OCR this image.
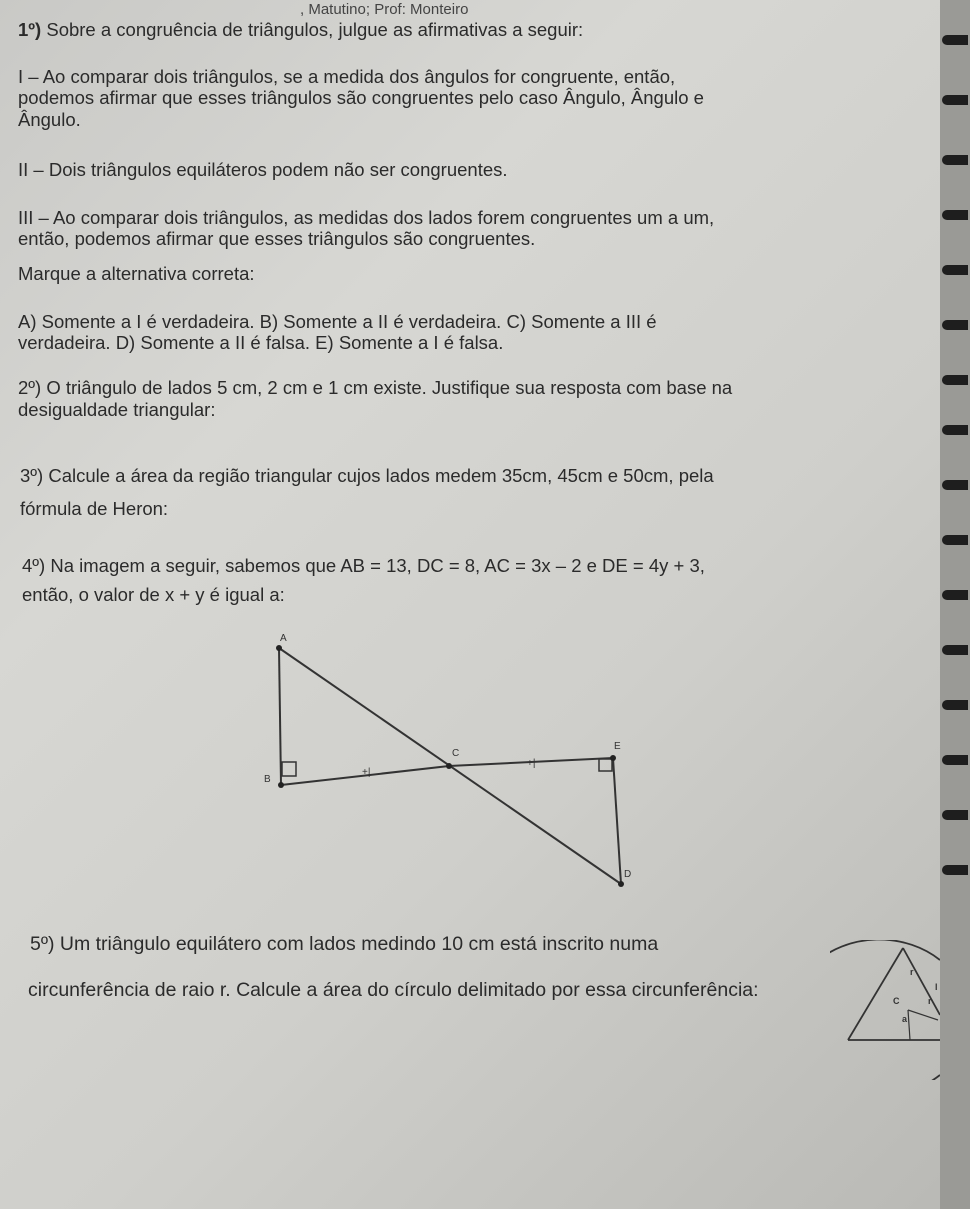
, Matutino; Prof: Monteiro
1º) Sobre a congruência de triângulos, julgue as afirmativas a seguir:
I – Ao comparar dois triângulos, se a medida dos ângulos for congruente, então,
podemos afirmar que esses triângulos são congruentes pelo caso Ângulo, Ângulo e
Ângulo.
II – Dois triângulos equiláteros podem não ser congruentes.
III – Ao comparar dois triângulos, as medidas dos lados forem congruentes um a um,
então, podemos afirmar que esses triângulos são congruentes.
Marque a alternativa correta:
A) Somente a I é verdadeira. B) Somente a II é verdadeira. C) Somente a III é
verdadeira. D) Somente a II é falsa. E) Somente a I é falsa.
2º) O triângulo de lados 5 cm, 2 cm e 1 cm existe. Justifique sua resposta com base na
desigualdade triangular:
3º) Calcule a área da região triangular cujos lados medem 35cm, 45cm e 50cm, pela
fórmula de Heron:
4º) Na imagem a seguir, sabemos que AB = 13, DC = 8, AC = 3x – 2 e DE = 4y + 3,
então, o valor de x + y é igual a:
A
B
C
E
D
+|
+|
5º) Um triângulo equilátero com lados medindo 10 cm está inscrito numa
circunferência de raio r. Calcule a área do círculo delimitado por essa circunferência:
r
l
C	r
a
